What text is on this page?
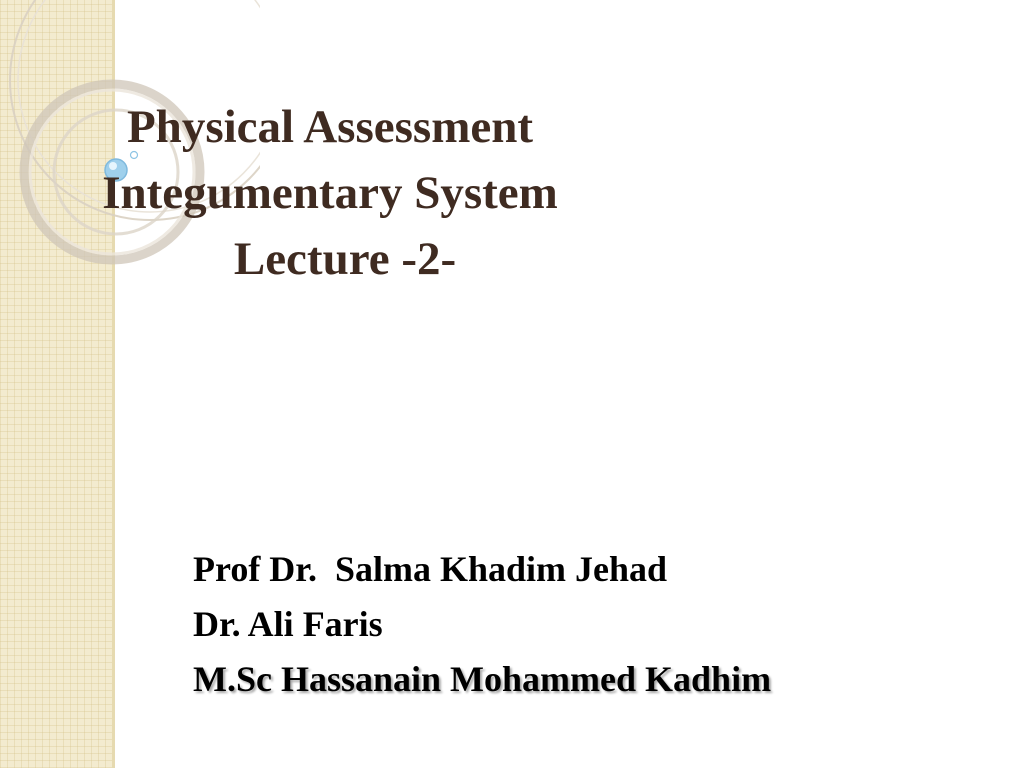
Physical Assessment
Integumentary System
Lecture -2-
Prof Dr.  Salma Khadim Jehad
Dr. Ali Faris
M.Sc Hassanain Mohammed Kadhim
